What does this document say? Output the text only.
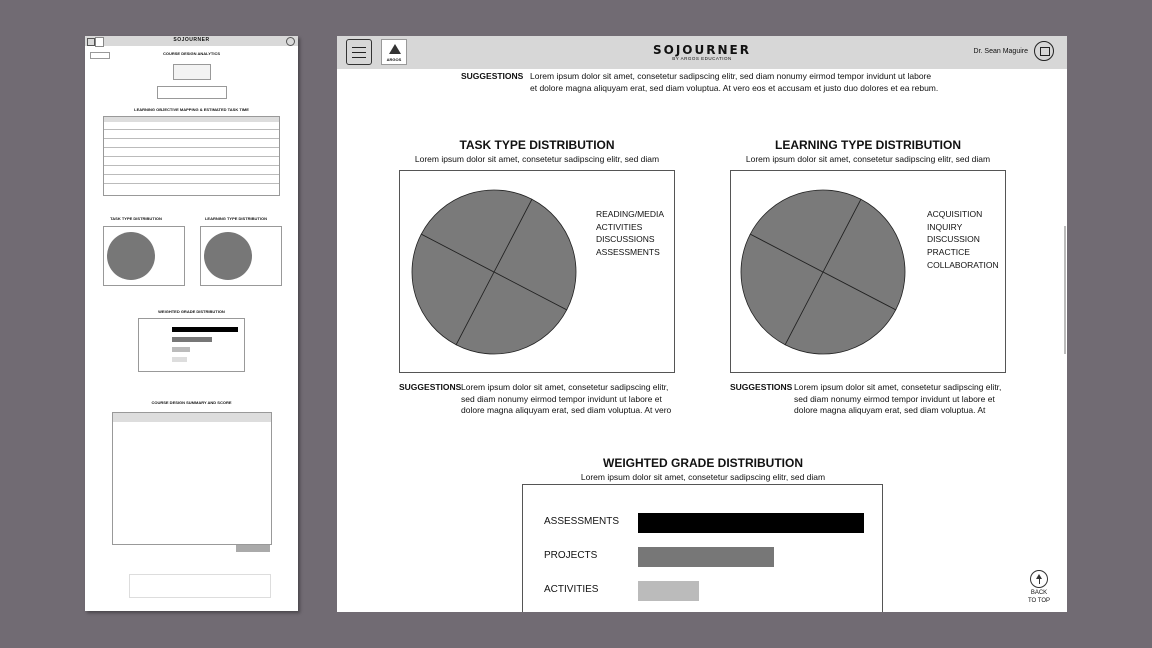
SOJOURNER
COURSE DESIGN ANALYTICS
LEARNING OBJECTIVE MAPPING & ESTIMATED TASK TIME
TASK TYPE DISTRIBUTION	LEARNING TYPE DISTRIBUTION
WEIGHTED GRADE DISTRIBUTION
COURSE DESIGN SUMMARY AND SCORE
ARGOS
SOJOURNER
BY ARGOS EDUCATION
Dr. Sean Maguire
SUGGESTIONS Lorem ipsum dolor sit amet, consetetur sadipscing elitr, sed diam nonumy eirmod tempor invidunt ut labore
et dolore magna aliquyam erat, sed diam voluptua. At vero eos et accusam et justo duo dolores et ea rebum.
TASK TYPE DISTRIBUTION
Lorem ipsum dolor sit amet, consetetur sadipscing elitr, sed diam
READING/MEDIA
ACTIVITIES
DISCUSSIONS
ASSESSMENTS
SUGGESTIONS Lorem ipsum dolor sit amet, consetetur sadipscing elitr,
sed diam nonumy eirmod tempor invidunt ut labore et
dolore magna aliquyam erat, sed diam voluptua. At vero
LEARNING TYPE DISTRIBUTION
Lorem ipsum dolor sit amet, consetetur sadipscing elitr, sed diam
ACQUISITION
INQUIRY
DISCUSSION
PRACTICE
COLLABORATION
SUGGESTIONS Lorem ipsum dolor sit amet, consetetur sadipscing elitr,
sed diam nonumy eirmod tempor invidunt ut labore et
dolore magna aliquyam erat, sed diam voluptua. At
WEIGHTED GRADE DISTRIBUTION
Lorem ipsum dolor sit amet, consetetur sadipscing elitr, sed diam
ASSESSMENTS
PROJECTS
ACTIVITIES	BACK
TO TOP
